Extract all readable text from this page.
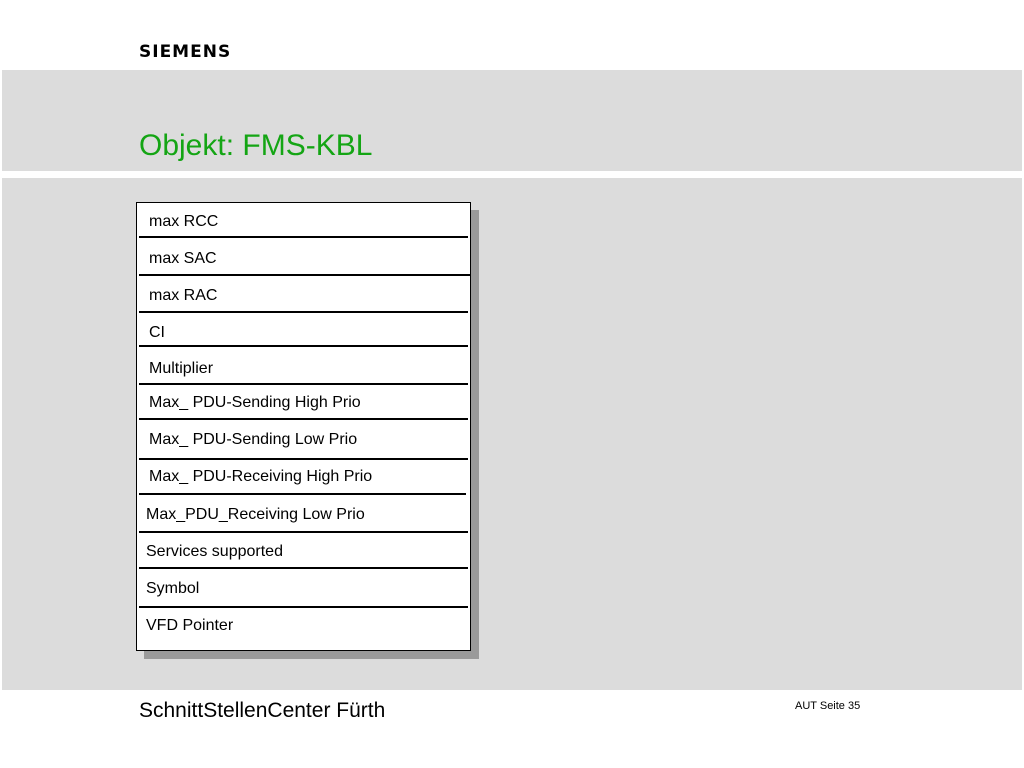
SIEMENS
Objekt: FMS-KBL
max RCC
max SAC
max RAC
CI
Multiplier
Max_ PDU-Sending High Prio
Max_ PDU-Sending Low Prio
Max_ PDU-Receiving High Prio
Max_PDU_Receiving Low Prio
Services supported
Symbol
VFD Pointer
SchnittStellenCenter Fürth	AUT Seite 35
